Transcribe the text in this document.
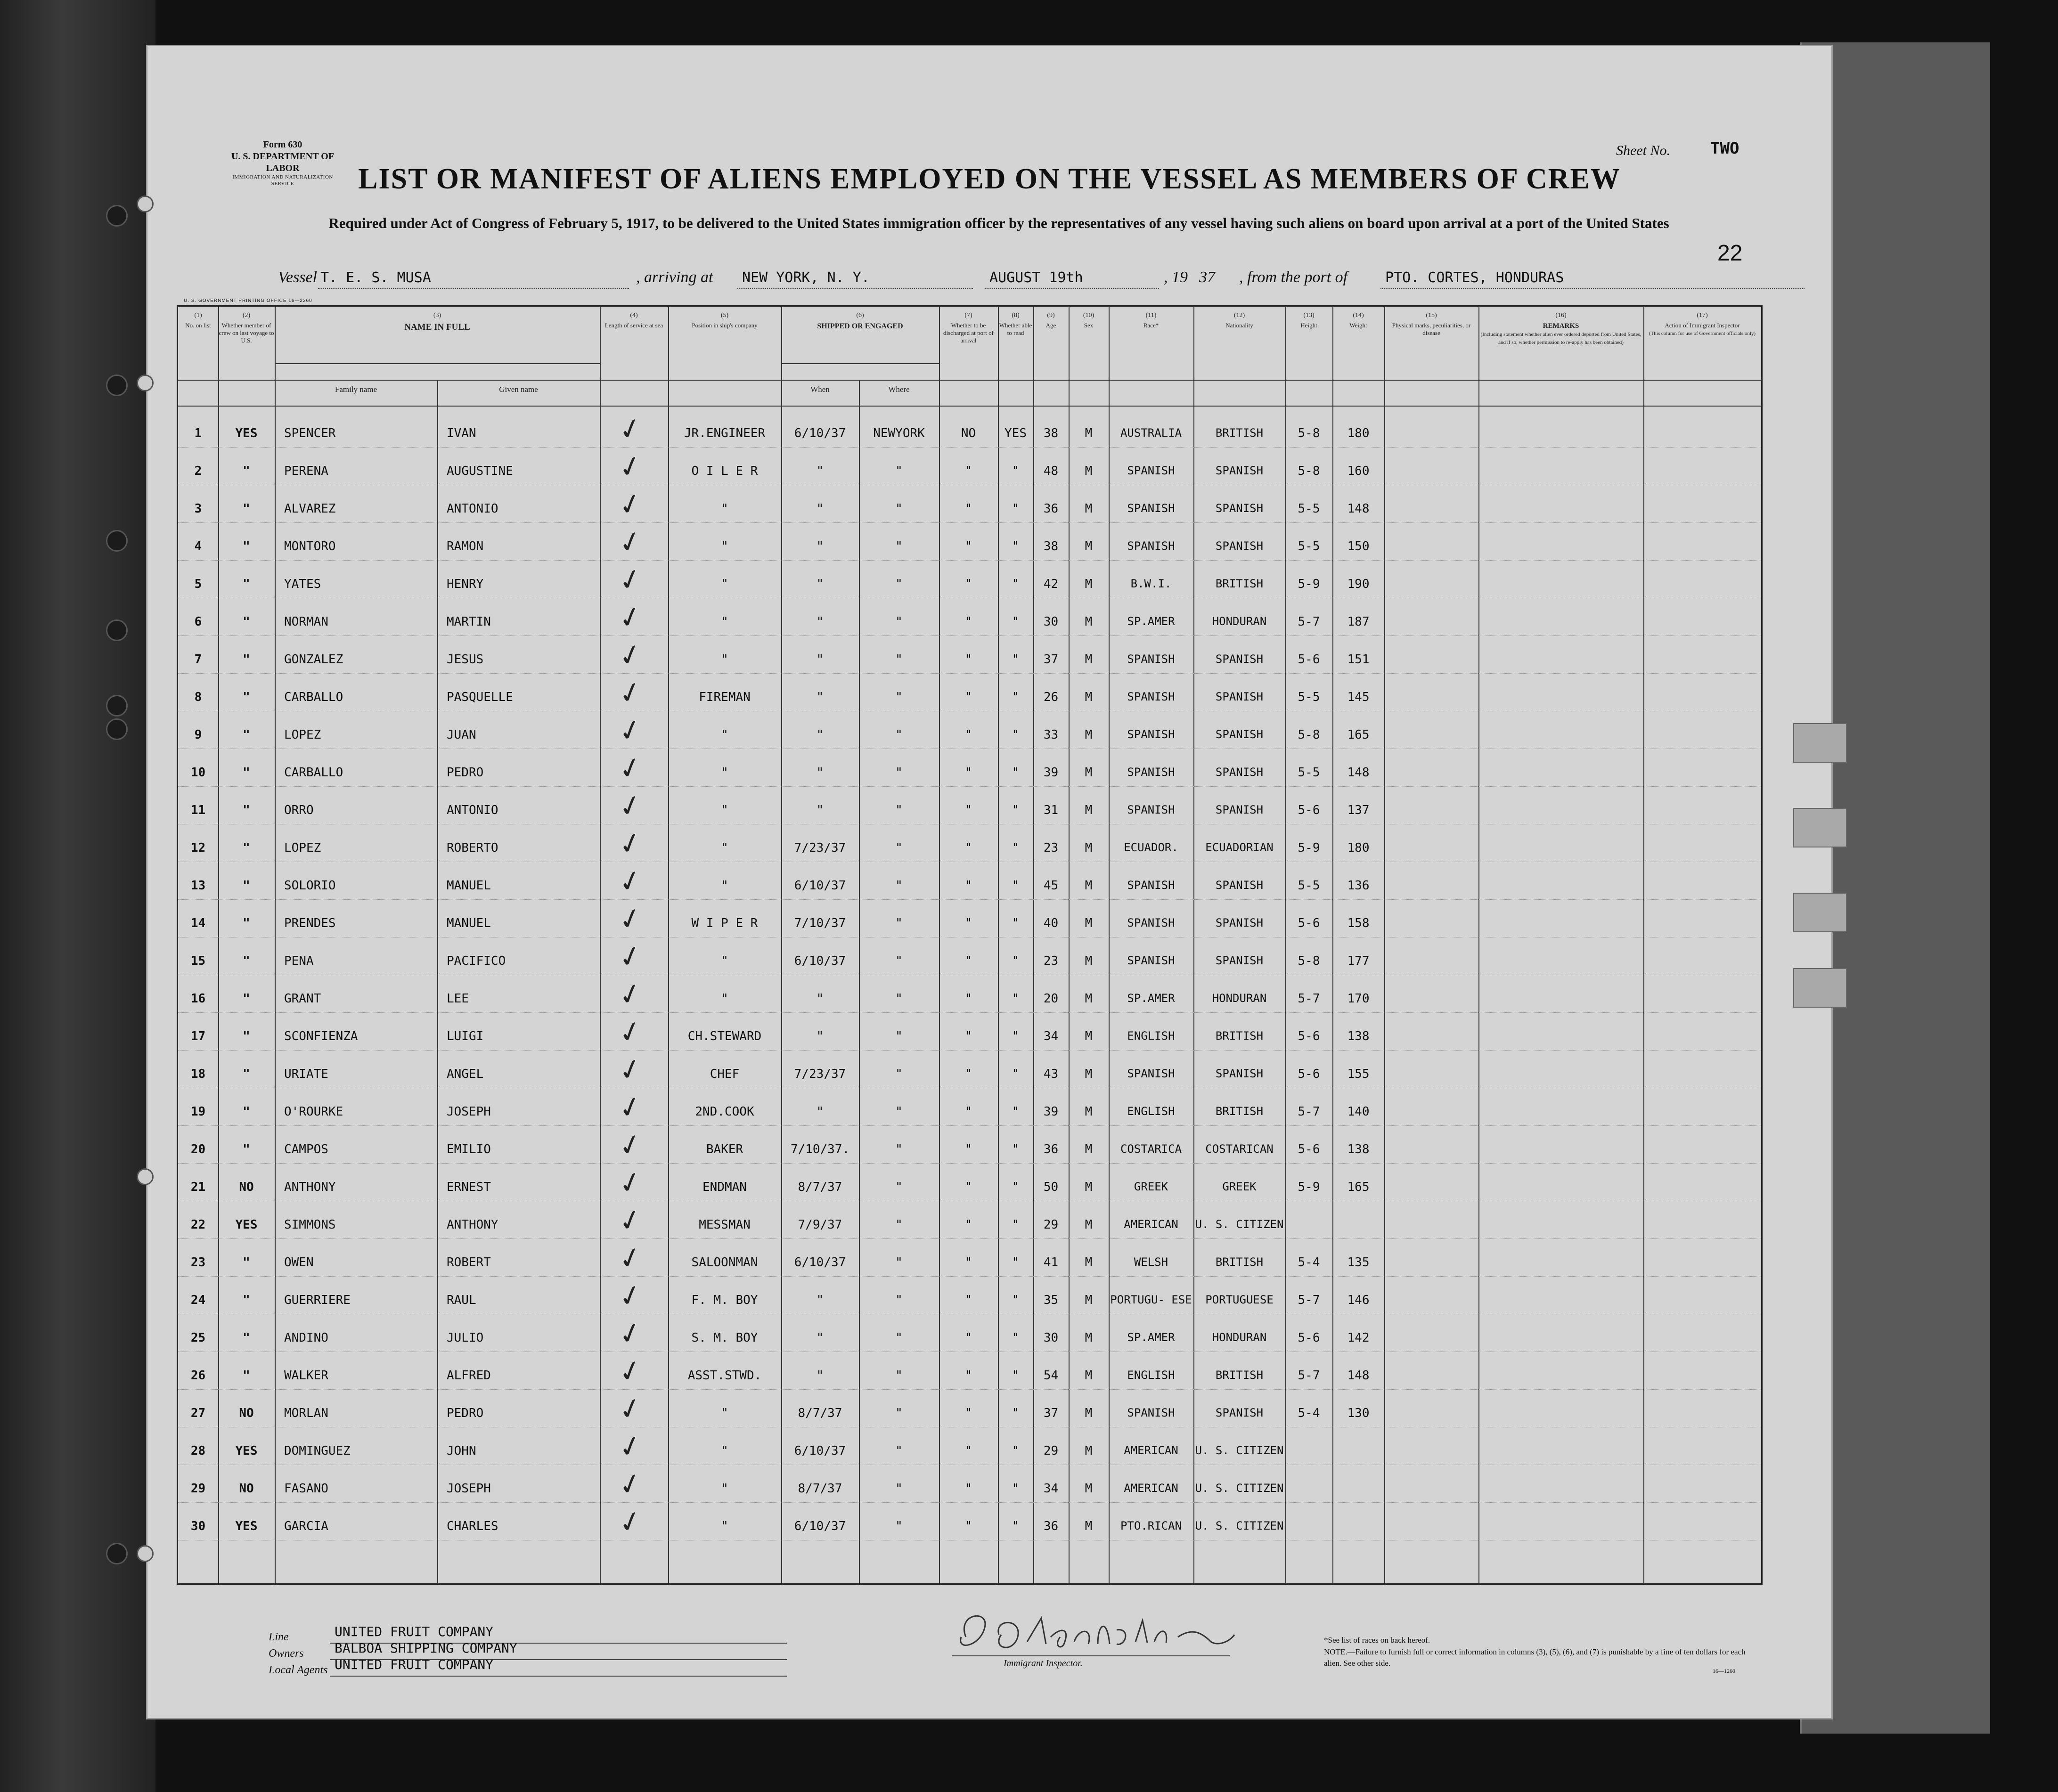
Form 630
U. S. DEPARTMENT OF LABOR
IMMIGRATION AND NATURALIZATION SERVICE
Sheet No.	TWO
LIST OR MANIFEST OF ALIENS EMPLOYED ON THE VESSEL AS MEMBERS OF CREW
Required under Act of Congress of February 5, 1917, to be delivered to the United States immigration officer by the representatives of any vessel having such aliens on board upon arrival at a port of the United States
22
Vessel T. E. S. MUSA	, arriving at NEW YORK, N. Y.	AUGUST 19th	, 19 37 , from the port of	PTO. CORTES, HONDURAS
U. S. GOVERNMENT PRINTING OFFICE 16—2260
(1)
No. on list
(2)
Whether member of crew on last voyage to U.S.
(3)
NAME IN FULL
Family name	Given name
(4)
Length of service at sea
(5)
Position in ship's company
(6)
SHIPPED OR ENGAGED
When	Where
(7)
Whether to be discharged at port of arrival
(8)
Whether able to read
(9)
Age
(10)
Sex
(11)
Race*
(12)
Nationality
(13)
Height
(14)
Weight
(15)
Physical marks, peculiarities, or disease
(16)
REMARKS
(Including statement whether alien ever ordered deported from United States, and if so, whether permission to re-apply has been obtained)
(17)
Action of Immigrant Inspector
(This column for use of Government officials only)
1	YES	SPENCER	IVAN	JR.ENGINEER	6/10/37	NEWYORK	NO	YES	38	M	AUSTRALIA	BRITISH	5-8	180
✓
2	"	PERENA	AUGUSTINE	O I L E R	"	"	"	"	48	M	SPANISH	SPANISH	5-8	160
✓
3	"	ALVAREZ	ANTONIO	"	"	"	"	"	36	M	SPANISH	SPANISH	5-5	148
✓
4	"	MONTORO	RAMON	"	"	"	"	"	38	M	SPANISH	SPANISH	5-5	150
✓
5	"	YATES	HENRY	"	"	"	"	"	42	M	B.W.I.	BRITISH	5-9	190
✓
6	"	NORMAN	MARTIN	"	"	"	"	"	30	M	SP.AMER	HONDURAN	5-7	187
✓
7	"	GONZALEZ	JESUS	"	"	"	"	"	37	M	SPANISH	SPANISH	5-6	151
✓
8	"	CARBALLO	PASQUELLE	FIREMAN	"	"	"	"	26	M	SPANISH	SPANISH	5-5	145
✓
9	"	LOPEZ	JUAN	"	"	"	"	"	33	M	SPANISH	SPANISH	5-8	165
✓
10	"	CARBALLO	PEDRO	"	"	"	"	"	39	M	SPANISH	SPANISH	5-5	148
✓
11	"	ORRO	ANTONIO	"	"	"	"	"	31	M	SPANISH	SPANISH	5-6	137
✓
12	"	LOPEZ	ROBERTO	"	7/23/37	"	"	"	23	M	ECUADOR.	ECUADORIAN	5-9	180
✓
13	"	SOLORIO	MANUEL	"	6/10/37	"	"	"	45	M	SPANISH	SPANISH	5-5	136
✓
14	"	PRENDES	MANUEL	W I P E R	7/10/37	"	"	"	40	M	SPANISH	SPANISH	5-6	158
✓
15	"	PENA	PACIFICO	"	6/10/37	"	"	"	23	M	SPANISH	SPANISH	5-8	177
✓
16	"	GRANT	LEE	"	"	"	"	"	20	M	SP.AMER	HONDURAN	5-7	170
✓
17	"	SCONFIENZA	LUIGI	CH.STEWARD	"	"	"	"	34	M	ENGLISH	BRITISH	5-6	138
✓
18	"	URIATE	ANGEL	CHEF	7/23/37	"	"	"	43	M	SPANISH	SPANISH	5-6	155
✓
19	"	O'ROURKE	JOSEPH	2ND.COOK	"	"	"	"	39	M	ENGLISH	BRITISH	5-7	140
✓
20	"	CAMPOS	EMILIO	BAKER	7/10/37.	"	"	"	36	M	COSTARICA	COSTARICAN	5-6	138
✓
21	NO	ANTHONY	ERNEST	ENDMAN	8/7/37	"	"	"	50	M	GREEK	GREEK	5-9	165
✓
22	YES	SIMMONS	ANTHONY	MESSMAN	7/9/37	"	"	"	29	M	AMERICAN	U. S. CITIZEN
✓
23	"	OWEN	ROBERT	SALOONMAN	6/10/37	"	"	"	41	M	WELSH	BRITISH	5-4	135
✓
24	"	GUERRIERE	RAUL	F. M. BOY	"	"	"	"	35	M	PORTUGU- ESE	PORTUGUESE	5-7	146
✓
25	"	ANDINO	JULIO	S. M. BOY	"	"	"	"	30	M	SP.AMER	HONDURAN	5-6	142
✓
26	"	WALKER	ALFRED	ASST.STWD.	"	"	"	"	54	M	ENGLISH	BRITISH	5-7	148
✓
27	NO	MORLAN	PEDRO	"	8/7/37	"	"	"	37	M	SPANISH	SPANISH	5-4	130
✓
28	YES	DOMINGUEZ	JOHN	"	6/10/37	"	"	"	29	M	AMERICAN	U. S. CITIZEN
✓
29	NO	FASANO	JOSEPH	"	8/7/37	"	"	"	34	M	AMERICAN	U. S. CITIZEN
✓
30	YES	GARCIA	CHARLES	"	6/10/37	"	"	"	36	M	PTO.RICAN	U. S. CITIZEN
✓
Line	UNITED FRUIT COMPANY
Owners BALBOA SHIPPING COMPANY
Local Agents UNITED FRUIT COMPANY	Immigrant Inspector.
*See list of races on back hereof.
NOTE.—Failure to furnish full or correct information in columns (3), (5), (6), and (7) is punishable by a fine of ten dollars for each alien. See other side.
16—1260
